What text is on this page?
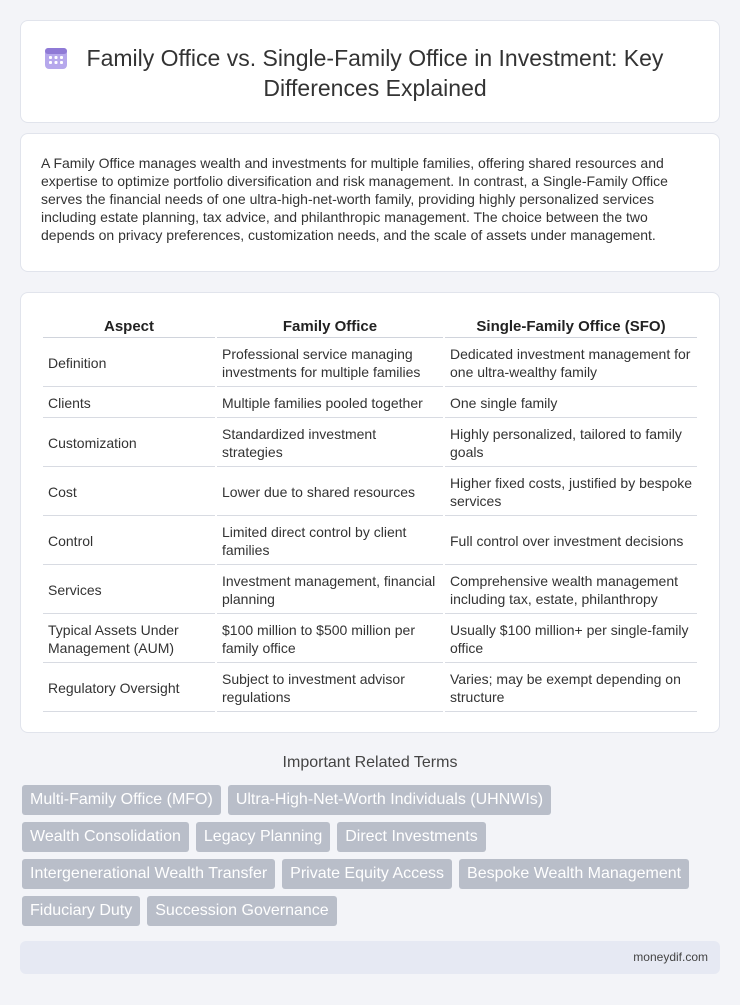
Family Office vs. Single-Family Office in Investment: Key Differences Explained

A Family Office manages wealth and investments for multiple families, offering shared resources and expertise to optimize portfolio diversification and risk management. In contrast, a Single-Family Office serves the financial needs of one ultra-high-net-worth family, providing highly personalized services including estate planning, tax advice, and philanthropic management. The choice between the two depends on privacy preferences, customization needs, and the scale of assets under management.

Aspect	Family Office	Single-Family Office (SFO)
Definition	Professional service managing investments for multiple families	Dedicated investment management for one ultra-wealthy family
Clients	Multiple families pooled together	One single family
Customization	Standardized investment strategies	Highly personalized, tailored to family goals
Cost	Lower due to shared resources	Higher fixed costs, justified by bespoke services
Control	Limited direct control by client families	Full control over investment decisions
Services	Investment management, financial planning	Comprehensive wealth management including tax, estate, philanthropy
Typical Assets Under Management (AUM)	$100 million to $500 million per family office	Usually $100 million+ per single-family office
Regulatory Oversight	Subject to investment advisor regulations	Varies; may be exempt depending on structure
Important Related Terms
Multi-Family Office (MFO)	Ultra-High-Net-Worth Individuals (UHNWIs)
Wealth Consolidation	Legacy Planning	Direct Investments
Intergenerational Wealth Transfer	Private Equity Access	Bespoke Wealth Management
Fiduciary Duty	Succession Governance
moneydif.com
